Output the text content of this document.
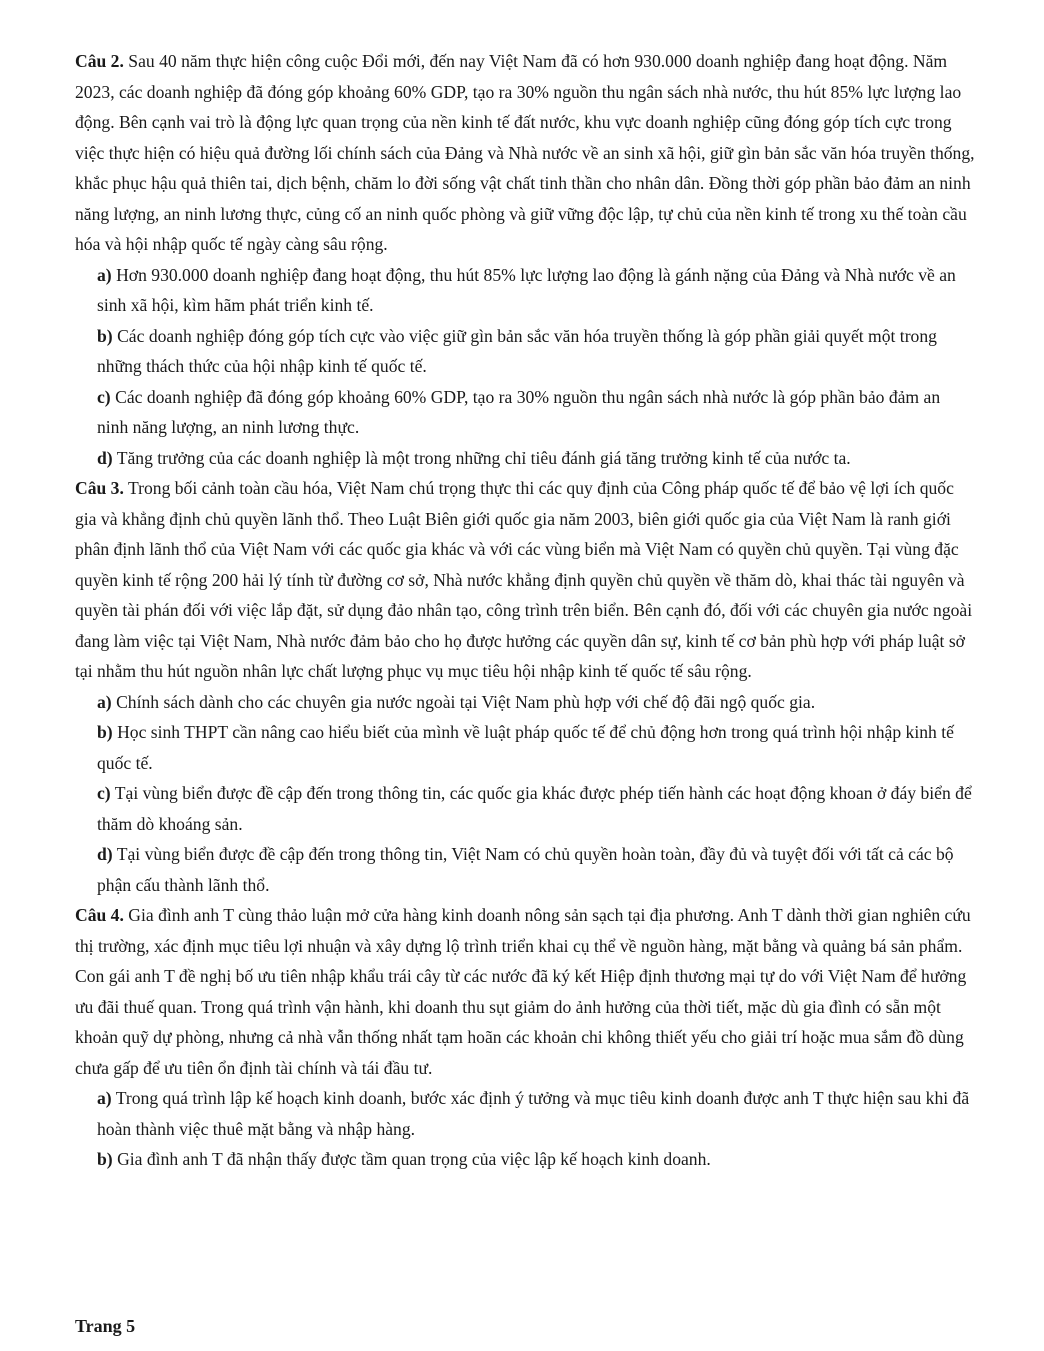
Câu 2. Sau 40 năm thực hiện công cuộc Đổi mới, đến nay Việt Nam đã có hơn 930.000 doanh nghiệp đang hoạt động. Năm 2023, các doanh nghiệp đã đóng góp khoảng 60% GDP, tạo ra 30% nguồn thu ngân sách nhà nước, thu hút 85% lực lượng lao động. Bên cạnh vai trò là động lực quan trọng của nền kinh tế đất nước, khu vực doanh nghiệp cũng đóng góp tích cực trong việc thực hiện có hiệu quả đường lối chính sách của Đảng và Nhà nước về an sinh xã hội, giữ gìn bản sắc văn hóa truyền thống, khắc phục hậu quả thiên tai, dịch bệnh, chăm lo đời sống vật chất tinh thần cho nhân dân. Đồng thời góp phần bảo đảm an ninh năng lượng, an ninh lương thực, củng cố an ninh quốc phòng và giữ vững độc lập, tự chủ của nền kinh tế trong xu thế toàn cầu hóa và hội nhập quốc tế ngày càng sâu rộng.

a) Hơn 930.000 doanh nghiệp đang hoạt động, thu hút 85% lực lượng lao động là gánh nặng của Đảng và Nhà nước về an sinh xã hội, kìm hãm phát triển kinh tế.

b) Các doanh nghiệp đóng góp tích cực vào việc giữ gìn bản sắc văn hóa truyền thống là góp phần giải quyết một trong những thách thức của hội nhập kinh tế quốc tế.

c) Các doanh nghiệp đã đóng góp khoảng 60% GDP, tạo ra 30% nguồn thu ngân sách nhà nước là góp phần bảo đảm an ninh năng lượng, an ninh lương thực.

d) Tăng trưởng của các doanh nghiệp là một trong những chỉ tiêu đánh giá tăng trưởng kinh tế của nước ta.

Câu 3. Trong bối cảnh toàn cầu hóa, Việt Nam chú trọng thực thi các quy định của Công pháp quốc tế để bảo vệ lợi ích quốc gia và khẳng định chủ quyền lãnh thổ. Theo Luật Biên giới quốc gia năm 2003, biên giới quốc gia của Việt Nam là ranh giới phân định lãnh thổ của Việt Nam với các quốc gia khác và với các vùng biển mà Việt Nam có quyền chủ quyền. Tại vùng đặc quyền kinh tế rộng 200 hải lý tính từ đường cơ sở, Nhà nước khẳng định quyền chủ quyền về thăm dò, khai thác tài nguyên và quyền tài phán đối với việc lắp đặt, sử dụng đảo nhân tạo, công trình trên biển. Bên cạnh đó, đối với các chuyên gia nước ngoài đang làm việc tại Việt Nam, Nhà nước đảm bảo cho họ được hưởng các quyền dân sự, kinh tế cơ bản phù hợp với pháp luật sở tại nhằm thu hút nguồn nhân lực chất lượng phục vụ mục tiêu hội nhập kinh tế quốc tế sâu rộng.

a) Chính sách dành cho các chuyên gia nước ngoài tại Việt Nam phù hợp với chế độ đãi ngộ quốc gia.

b) Học sinh THPT cần nâng cao hiểu biết của mình về luật pháp quốc tế để chủ động hơn trong quá trình hội nhập kinh tế quốc tế.

c) Tại vùng biển được đề cập đến trong thông tin, các quốc gia khác được phép tiến hành các hoạt động khoan ở đáy biển để thăm dò khoáng sản.

d) Tại vùng biển được đề cập đến trong thông tin, Việt Nam có chủ quyền hoàn toàn, đầy đủ và tuyệt đối với tất cả các bộ phận cấu thành lãnh thổ.

Câu 4. Gia đình anh T cùng thảo luận mở cửa hàng kinh doanh nông sản sạch tại địa phương. Anh T dành thời gian nghiên cứu thị trường, xác định mục tiêu lợi nhuận và xây dựng lộ trình triển khai cụ thể về nguồn hàng, mặt bằng và quảng bá sản phẩm. Con gái anh T đề nghị bố ưu tiên nhập khẩu trái cây từ các nước đã ký kết Hiệp định thương mại tự do với Việt Nam để hưởng ưu đãi thuế quan. Trong quá trình vận hành, khi doanh thu sụt giảm do ảnh hưởng của thời tiết, mặc dù gia đình có sẵn một khoản quỹ dự phòng, nhưng cả nhà vẫn thống nhất tạm hoãn các khoản chi không thiết yếu cho giải trí hoặc mua sắm đồ dùng chưa gấp để ưu tiên ổn định tài chính và tái đầu tư.

a) Trong quá trình lập kế hoạch kinh doanh, bước xác định ý tưởng và mục tiêu kinh doanh được anh T thực hiện sau khi đã hoàn thành việc thuê mặt bằng và nhập hàng.

b) Gia đình anh T đã nhận thấy được tầm quan trọng của việc lập kế hoạch kinh doanh.

Trang 5
